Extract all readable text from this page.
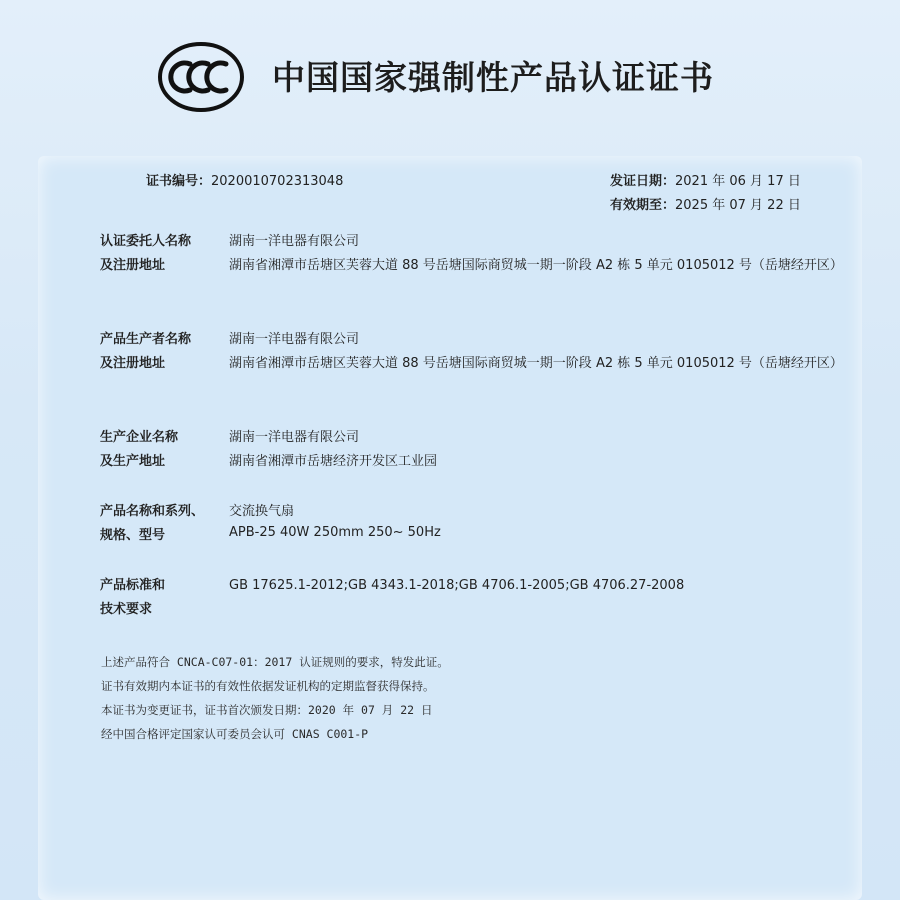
中国国家强制性产品认证证书
证书编号：2020010702313048	发证日期：2021 年 06 月 17 日
有效期至：2025 年 07 月 22 日
认证委托人名称
及注册地址
湖南一洋电器有限公司
湖南省湘潭市岳塘区芙蓉大道 88 号岳塘国际商贸城一期一阶段 A2 栋 5 单元 0105012 号（岳塘经开区）
产品生产者名称
及注册地址
湖南一洋电器有限公司
湖南省湘潭市岳塘区芙蓉大道 88 号岳塘国际商贸城一期一阶段 A2 栋 5 单元 0105012 号（岳塘经开区）
生产企业名称
及生产地址
湖南一洋电器有限公司
湖南省湘潭市岳塘经济开发区工业园
产品名称和系列、
规格、型号
交流换气扇
APB-25 40W 250mm 250~ 50Hz
产品标准和
技术要求
GB 17625.1-2012;GB 4343.1-2018;GB 4706.1-2005;GB 4706.27-2008
上述产品符合 CNCA-C07-01：2017 认证规则的要求，特发此证。
证书有效期内本证书的有效性依据发证机构的定期监督获得保持。
本证书为变更证书，证书首次颁发日期：2020 年 07 月 22 日
经中国合格评定国家认可委员会认可 CNAS C001-P
